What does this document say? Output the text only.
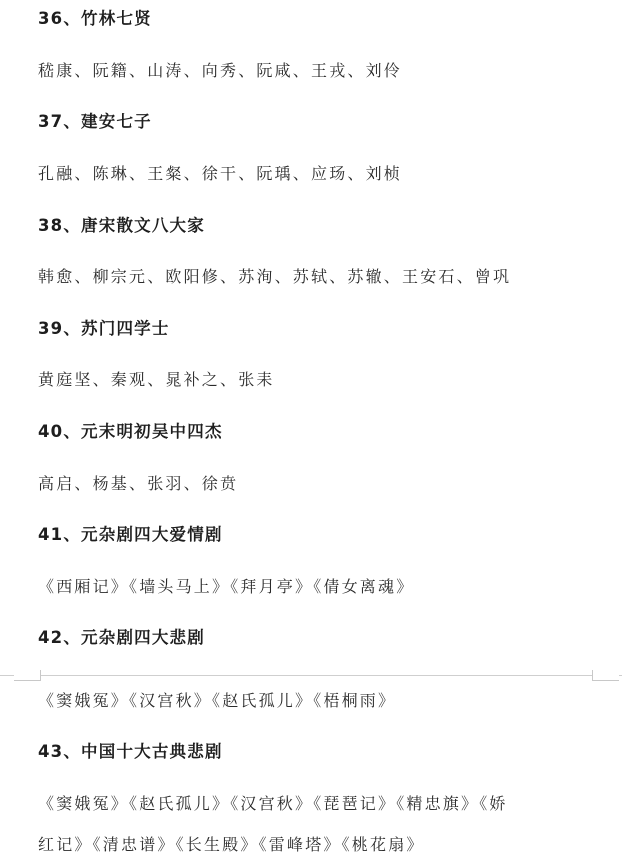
36、竹林七贤
嵇康、阮籍、山涛、向秀、阮咸、王戎、刘伶
37、建安七子
孔融、陈琳、王粲、徐干、阮瑀、应玚、刘桢
38、唐宋散文八大家
韩愈、柳宗元、欧阳修、苏洵、苏轼、苏辙、王安石、曾巩
39、苏门四学士
黄庭坚、秦观、晁补之、张耒
40、元末明初吴中四杰
高启、杨基、张羽、徐贲
41、元杂剧四大爱情剧
《西厢记》《墙头马上》《拜月亭》《倩女离魂》
42、元杂剧四大悲剧
《窦娥冤》《汉宫秋》《赵氏孤儿》《梧桐雨》
43、中国十大古典悲剧
《窦娥冤》《赵氏孤儿》《汉宫秋》《琵琶记》《精忠旗》《娇
红记》《清忠谱》《长生殿》《雷峰塔》《桃花扇》
